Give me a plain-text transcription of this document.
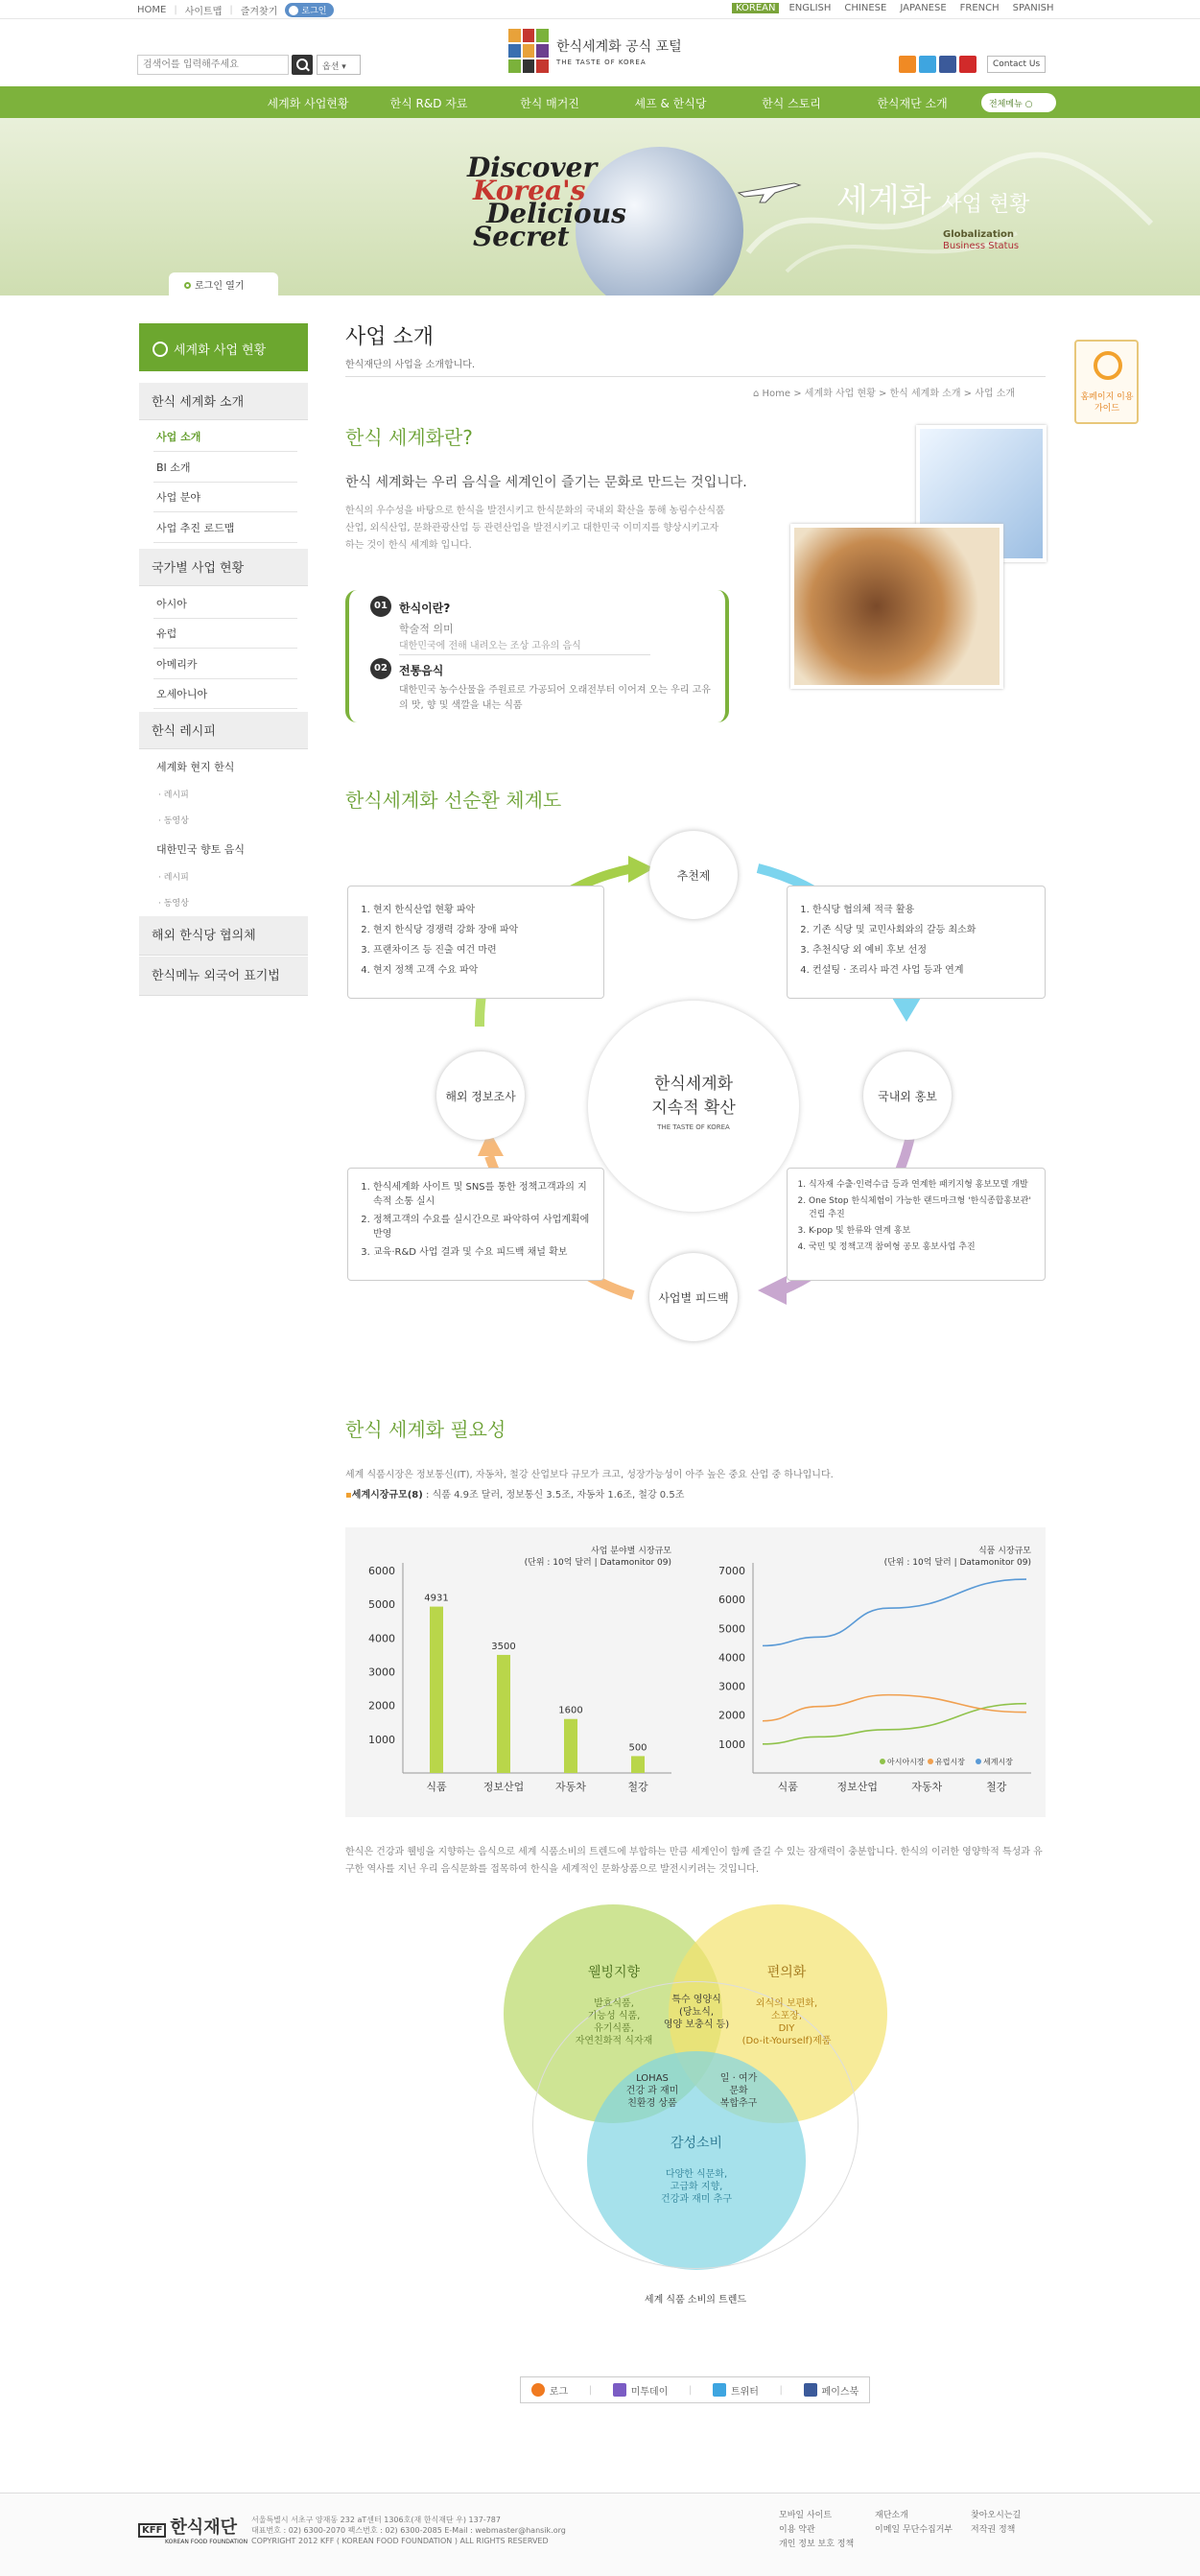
HOME | 사이트맵 | 즐겨찾기	로그인	KOREAN	ENGLISH	CHINESE	JAPANESE	FRENCH	SPANISH
검색어를 입력해주세요
옵션 ▾
한식세계화 공식 포털
THE TASTE OF KOREA	Contact Us
세계화 사업현황	한식 R&D 자료	한식 매거진	셰프 & 한식당	한식 스토리	한식재단 소개	전체메뉴 ○
Discover
Korea's
Delicious
Secret
세계화 사업 현황
Globalization
Business Status
로그인 열기
세계화 사업 현황
한식 세계화 소개
사업 소개
BI 소개
사업 분야
사업 추진 로드맵
국가별 사업 현황
아시아
유럽
아메리카
오세아니아
한식 레시피
세계화 현지 한식
· 레시피
· 동영상
대한민국 향토 음식
· 레시피
· 동영상
해외 한식당 협의체
한식메뉴 외국어 표기법
홈페이지 이용 가이드
사업 소개
한식재단의 사업을 소개합니다.
⌂ Home > 세계화 사업 현황 > 한식 세계화 소개 > 사업 소개
한식 세계화란?
한식 세계화는 우리 음식을 세계인이 즐기는 문화로 만드는 것입니다.
한식의 우수성을 바탕으로 한식을 발전시키고 한식문화의 국내외 확산을 통해 농림수산식품산업, 외식산업, 문화관광산업 등 관련산업을 발전시키고 대한민국 이미지를 향상시키고자 하는 것이 한식 세계화 입니다.
01	한식이란?
학술적 의미
대한민국에 전해 내려오는 조상 고유의 음식
02	전통음식
대한민국 농수산물을 주원료로 가공되어 오래전부터 이어져 오는 우리 고유의 맛, 향 및 색깔을 내는 식품
한식세계화 선순환 체계도
한식세계화
지속적 확산
THE TASTE OF KOREA
추천제
국내외 홍보
사업별 피드백
해외 정보조사
1. 현지 한식산업 현황 파악
2. 현지 한식당 경쟁력 강화 장애 파악
3. 프랜차이즈 등 진출 여건 마련
4. 현지 정책 고객 수요 파악
1. 한식당 협의체 적극 활용
2. 기존 식당 및 교민사회와의 갈등 최소화
3. 추천식당 외 예비 후보 선정
4. 컨설팅 · 조리사 파견 사업 등과 연계
1. 한식세계화 사이트 및 SNS를 통한 정책고객과의 지속적 소통 실시
2. 정책고객의 수요를 실시간으로 파악하여 사업계획에 반영
3. 교육·R&D 사업 결과 및 수요 피드백 채널 확보
1. 식자재 수출·인력수급 등과 연계한 패키지형 홍보모델 개발
2. One Stop 한식체험이 가능한 랜드마크형 '한식종합홍보관' 건립 추진
3. K-pop 및 한류와 연계 홍보
4. 국민 및 정책고객 참여형 공모 홍보사업 추진
한식 세계화 필요성
세계 식품시장은 정보통신(IT), 자동차, 철강 산업보다 규모가 크고, 성장가능성이 아주 높은 중요 산업 중 하나입니다.
▪세계시장규모(8) : 식품 4.9조 달러, 정보통신 3.5조, 자동차 1.6조, 철강 0.5조
1000
2000
3000
4000
5000
6000
식품	정보산업	자동차	철강
사업 분야별 시장규모
(단위 : 10억 달러 | Datamonitor 09)
4931
3500
1600
500	1000
2000
3000
4000
5000
6000
7000
식품	정보산업	자동차	철강
식품 시장규모
(단위 : 10억 달러 | Datamonitor 09)
아시아시장 유럽시장 세계시장
한식은 건강과 웰빙을 지향하는 음식으로 세계 식품소비의 트렌드에 부합하는 만큼 세계인이 함께 즐길 수 있는 잠재력이 충분합니다. 한식의 이러한 영양학적 특성과 유구한 역사를 지닌 우리 음식문화를 접목하여 한식을 세계적인 문화상품으로 발전시키려는 것입니다.
웰빙지향
발효식품,
기능성 식품,
유기식품,
자연친화적 식자재
편의화
외식의 보편화,
소포장,
DIY
(Do-it-Yourself)제품
감성소비
다양한 식문화,
고급화 지향,
건강과 재미 추구
특수 영양식
(당뇨식,
영양 보충식 등)
LOHAS
건강 과 재미
친환경 상품
일 · 여가
문화
복합추구
세계 식품 소비의 트렌드
로그 |	미투데이 |	트위터 |	페이스북
KFF 한식재단
KOREAN FOOD FOUNDATION
서울특별시 서초구 양재동 232 aT센터 1306호(재 한식재단 우) 137-787
대표번호 : 02) 6300-2070 팩스번호 : 02) 6300-2085 E-Mail : webmaster@hansik.org
COPYRIGHT 2012 KFF ( KOREAN FOOD FOUNDATION ) ALL RIGHTS RESERVED
모바일 사이트
이용 약관
개인 정보 보호 정책
재단소개
이메일 무단수집거부
찾아오시는길
저작권 정책
